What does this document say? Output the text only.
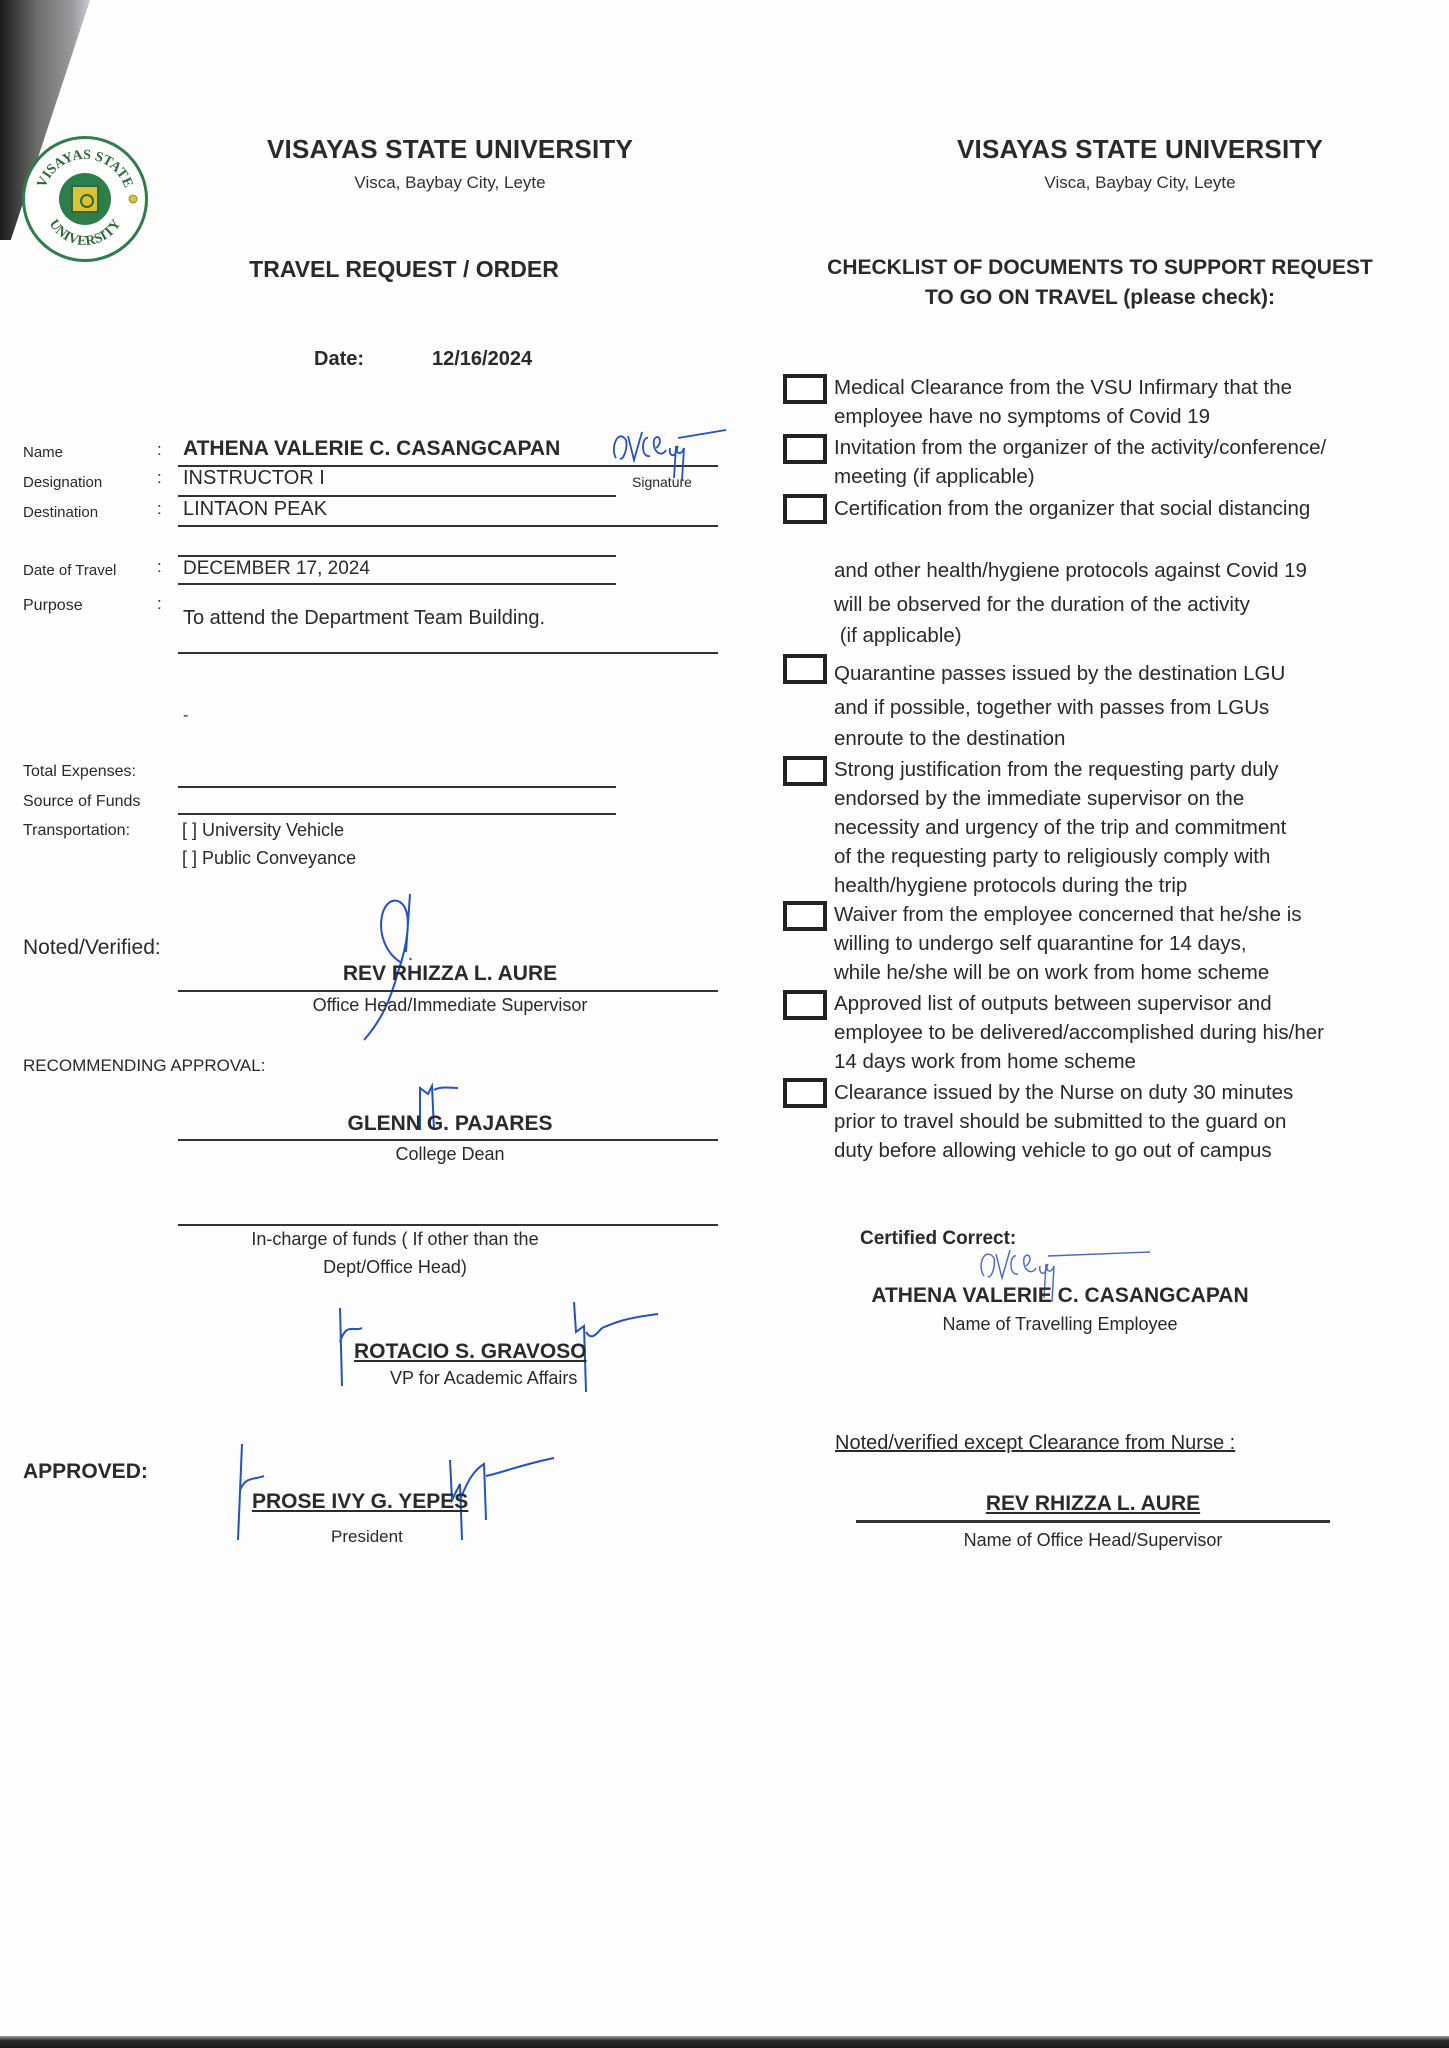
VISAYAS STATE
UNIVERSITY
VISAYAS STATE UNIVERSITY
Visca, Baybay City, Leyte
TRAVEL REQUEST / ORDER
Date:	12/16/2024
Name	: ATHENA VALERIE C. CASANGCAPAN
Designation	: INSTRUCTOR I	Signature
Destination	: LINTAON PEAK
Date of Travel : DECEMBER 17, 2024
Purpose	:
To attend the Department Team Building.
-
Total Expenses:
Source of Funds
Transportation:	[ ] University Vehicle
[ ] Public Conveyance
Noted/Verified:
REV RHIZZA L. AURE
Office Head/Immediate Supervisor
RECOMMENDING APPROVAL:
GLENN G. PAJARES
College Dean
In-charge of funds ( If other than the
Dept/Office Head)
ROTACIO S. GRAVOSO
VP for Academic Affairs
APPROVED:
PROSE IVY G. YEPES
President
VISAYAS STATE UNIVERSITY
Visca, Baybay City, Leyte
CHECKLIST OF DOCUMENTS TO SUPPORT REQUEST
TO GO ON TRAVEL (please check):
Medical Clearance from the VSU Infirmary that the
employee have no symptoms of Covid 19
Invitation from the organizer of the activity/conference/
meeting (if applicable)
Certification from the organizer that social distancing
and other health/hygiene protocols against Covid 19
will be observed for the duration of the activity
(if applicable)
Quarantine passes issued by the destination LGU
and if possible, together with passes from LGUs
enroute to the destination
Strong justification from the requesting party duly
endorsed by the immediate supervisor on the
necessity and urgency of the trip and commitment
of the requesting party to religiously comply with
health/hygiene protocols during the trip
Waiver from the employee concerned that he/she is
willing to undergo self quarantine for 14 days,
while he/she will be on work from home scheme
Approved list of outputs between supervisor and
employee to be delivered/accomplished during his/her
14 days work from home scheme
Clearance issued by the Nurse on duty 30 minutes
prior to travel should be submitted to the guard on
duty before allowing vehicle to go out of campus
Certified Correct:
ATHENA VALERIE C. CASANGCAPAN
Name of Travelling Employee
Noted/verified except Clearance from Nurse :
REV RHIZZA L. AURE
Name of Office Head/Supervisor
